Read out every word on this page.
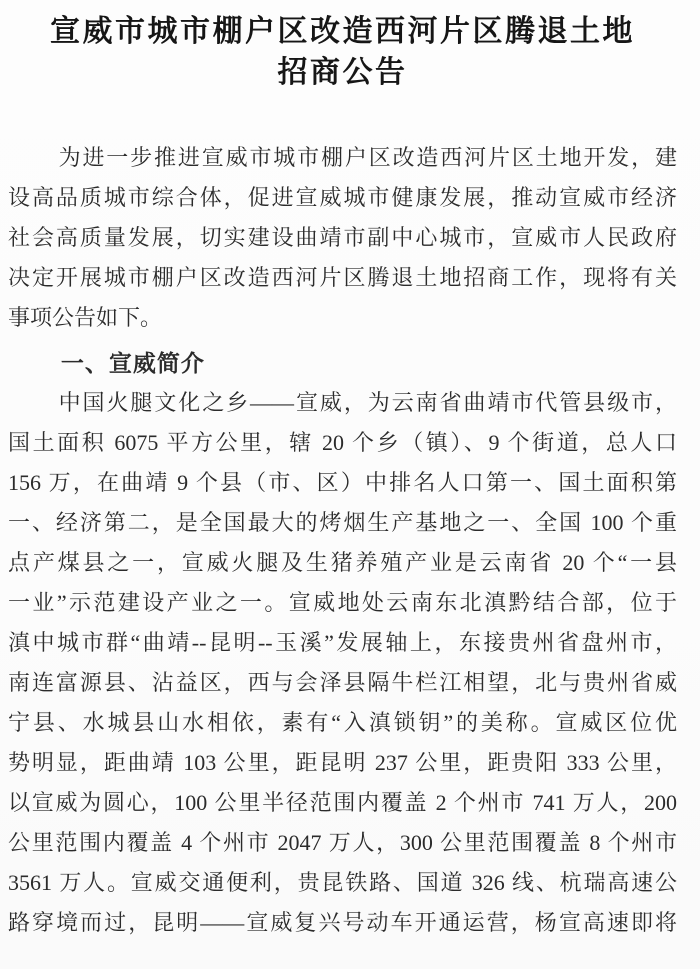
宣威市城市棚户区改造西河片区腾退土地
招商公告
为进一步推进宣威市城市棚户区改造西河片区土地开发，建
设高品质城市综合体，促进宣威城市健康发展，推动宣威市经济
社会高质量发展，切实建设曲靖市副中心城市，宣威市人民政府
决定开展城市棚户区改造西河片区腾退土地招商工作，现将有关
事项公告如下。
一、宣威简介
中国火腿文化之乡——宣威，为云南省曲靖市代管县级市，
国土面积 6075 平方公里，辖 20 个乡（镇）、9 个街道，总人口
156 万，在曲靖 9 个县（市、区）中排名人口第一、国土面积第
一、经济第二，是全国最大的烤烟生产基地之一、全国 100 个重
点产煤县之一，宣威火腿及生猪养殖产业是云南省 20 个“一县
一业”示范建设产业之一。宣威地处云南东北滇黔结合部，位于
滇中城市群“曲靖--昆明--玉溪”发展轴上，东接贵州省盘州市，
南连富源县、沾益区，西与会泽县隔牛栏江相望，北与贵州省威
宁县、水城县山水相依，素有“入滇锁钥”的美称。宣威区位优
势明显，距曲靖 103 公里，距昆明 237 公里，距贵阳 333 公里，
以宣威为圆心，100 公里半径范围内覆盖 2 个州市 741 万人，200
公里范围内覆盖 4 个州市 2047 万人，300 公里范围覆盖 8 个州市
3561 万人。宣威交通便利，贵昆铁路、国道 326 线、杭瑞高速公
路穿境而过，昆明——宣威复兴号动车开通运营，杨宣高速即将
